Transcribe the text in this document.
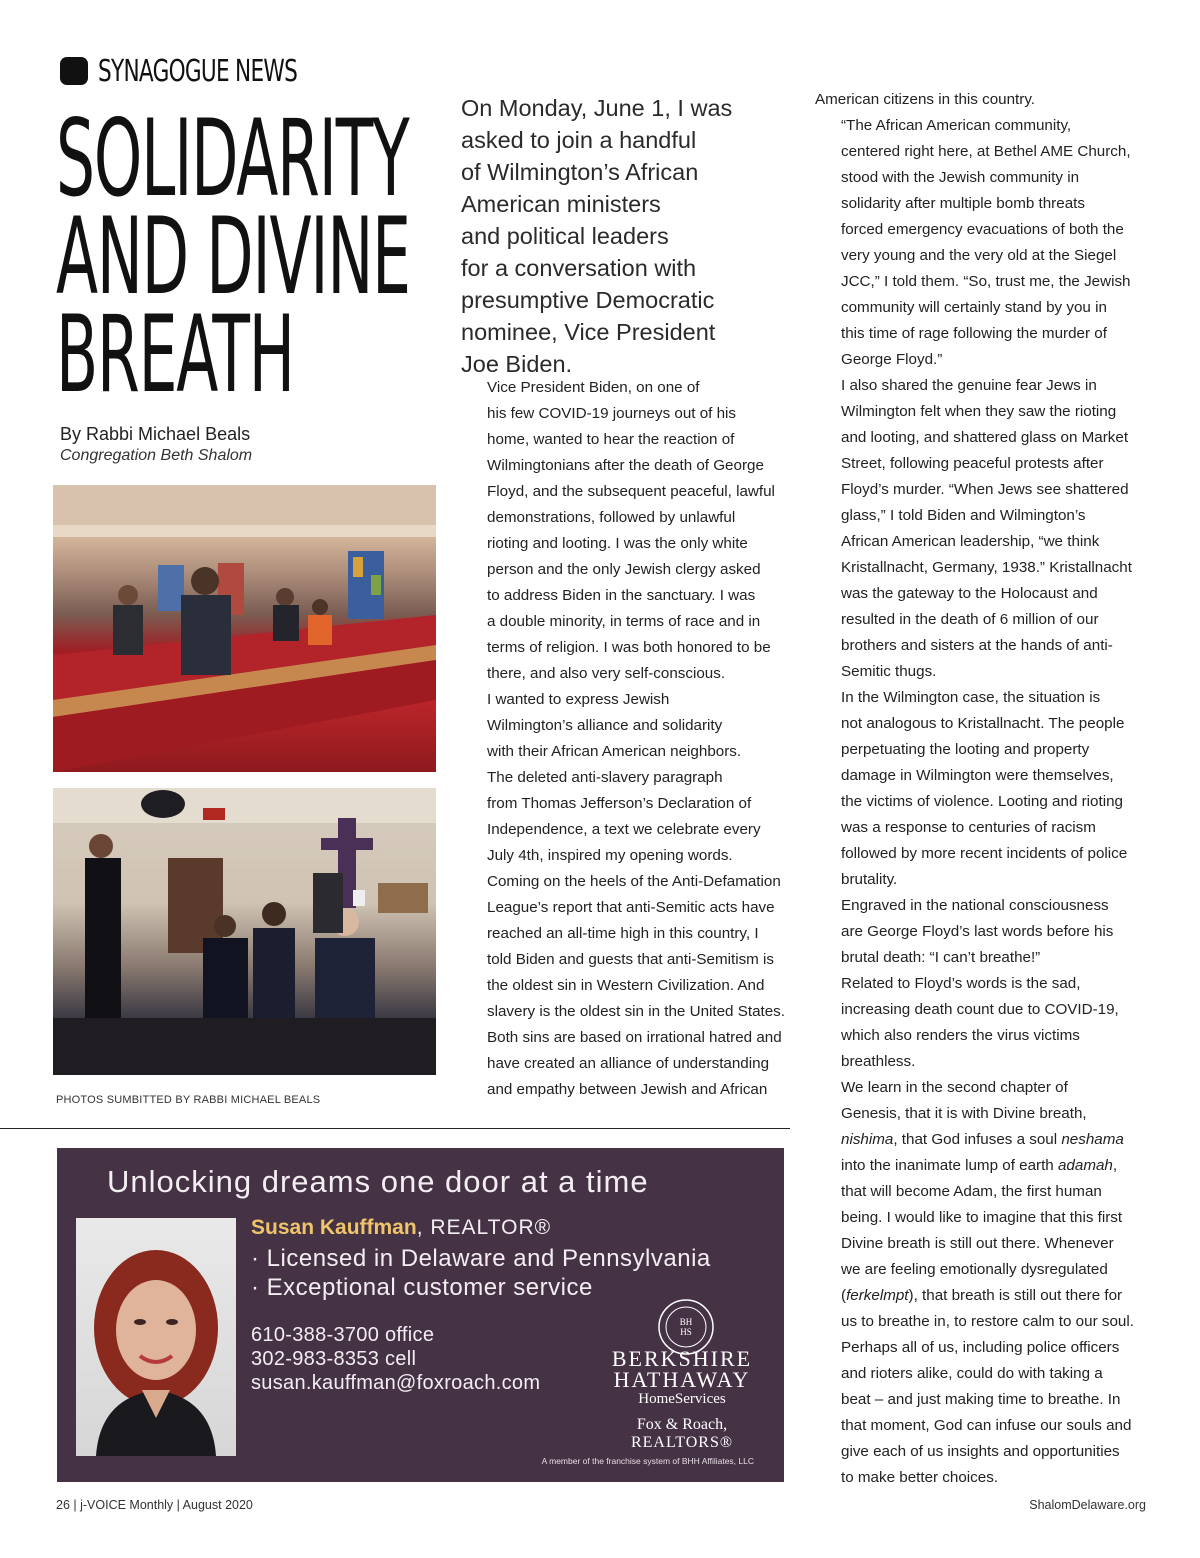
SYNAGOGUE NEWS
SOLIDARITY
AND DIVINE
BREATH
By Rabbi Michael Beals
Congregation Beth Shalom
PHOTOS SUMBITTED BY RABBI MICHAEL BEALS
On Monday, June 1, I was
asked to join a handful
of Wilmington’s African
American ministers
and political leaders
for a conversation with
presumptive Democratic
nominee, Vice President
Joe Biden.

Vice President Biden, on one of
his few COVID-19 journeys out of his
home, wanted to hear the reaction of
Wilmingtonians after the death of George
Floyd, and the subsequent peaceful, lawful
demonstrations, followed by unlawful
rioting and looting. I was the only white
person and the only Jewish clergy asked
to address Biden in the sanctuary. I was
a double minority, in terms of race and in
terms of religion. I was both honored to be
there, and also very self-conscious.

I wanted to express Jewish
Wilmington’s alliance and solidarity
with their African American neighbors.
The deleted anti-slavery paragraph
from Thomas Jefferson’s Declaration of
Independence, a text we celebrate every
July 4th, inspired my opening words.
Coming on the heels of the Anti-Defamation
League’s report that anti-Semitic acts have
reached an all-time high in this country, I
told Biden and guests that anti-Semitism is
the oldest sin in Western Civilization. And
slavery is the oldest sin in the United States.
Both sins are based on irrational hatred and
have created an alliance of understanding
and empathy between Jewish and African

American citizens in this country.

“The African American community,
centered right here, at Bethel AME Church,
stood with the Jewish community in
solidarity after multiple bomb threats
forced emergency evacuations of both the
very young and the very old at the Siegel
JCC,” I told them. “So, trust me, the Jewish
community will certainly stand by you in
this time of rage following the murder of
George Floyd.”

I also shared the genuine fear Jews in
Wilmington felt when they saw the rioting
and looting, and shattered glass on Market
Street, following peaceful protests after
Floyd’s murder. “When Jews see shattered
glass,” I told Biden and Wilmington’s
African American leadership, “we think
Kristallnacht, Germany, 1938.” Kristallnacht
was the gateway to the Holocaust and
resulted in the death of 6 million of our
brothers and sisters at the hands of anti-
Semitic thugs.

In the Wilmington case, the situation is
not analogous to Kristallnacht. The people
perpetuating the looting and property
damage in Wilmington were themselves,
the victims of violence. Looting and rioting
was a response to centuries of racism
followed by more recent incidents of police
brutality.

Engraved in the national consciousness
are George Floyd’s last words before his
brutal death: “I can’t breathe!”

Related to Floyd’s words is the sad,
increasing death count due to COVID-19,
which also renders the virus victims
breathless.

We learn in the second chapter of
Genesis, that it is with Divine breath,
nishima, that God infuses a soul neshama
into the inanimate lump of earth adamah,
that will become Adam, the first human
being. I would like to imagine that this first
Divine breath is still out there. Whenever
we are feeling emotionally dysregulated
(ferkelmpt), that breath is still out there for
us to breathe in, to restore calm to our soul.
Perhaps all of us, including police officers
and rioters alike, could do with taking a
beat – and just making time to breathe. In
that moment, God can infuse our souls and
give each of us insights and opportunities
to make better choices.

Unlocking dreams one door at a time
Susan Kauffman, REALTOR®
· Licensed in Delaware and Pennsylvania
· Exceptional customer service
610-388-3700 office
302-983-8353 cell
susan.kauffman@foxroach.com
BH
HS
BERKSHIRE
HATHAWAY
HomeServices
Fox & Roach,
REALTORS®
A member of the franchise system of BHH Affiliates, LLC
26 | j-VOICE Monthly | August 2020	ShalomDelaware.org
